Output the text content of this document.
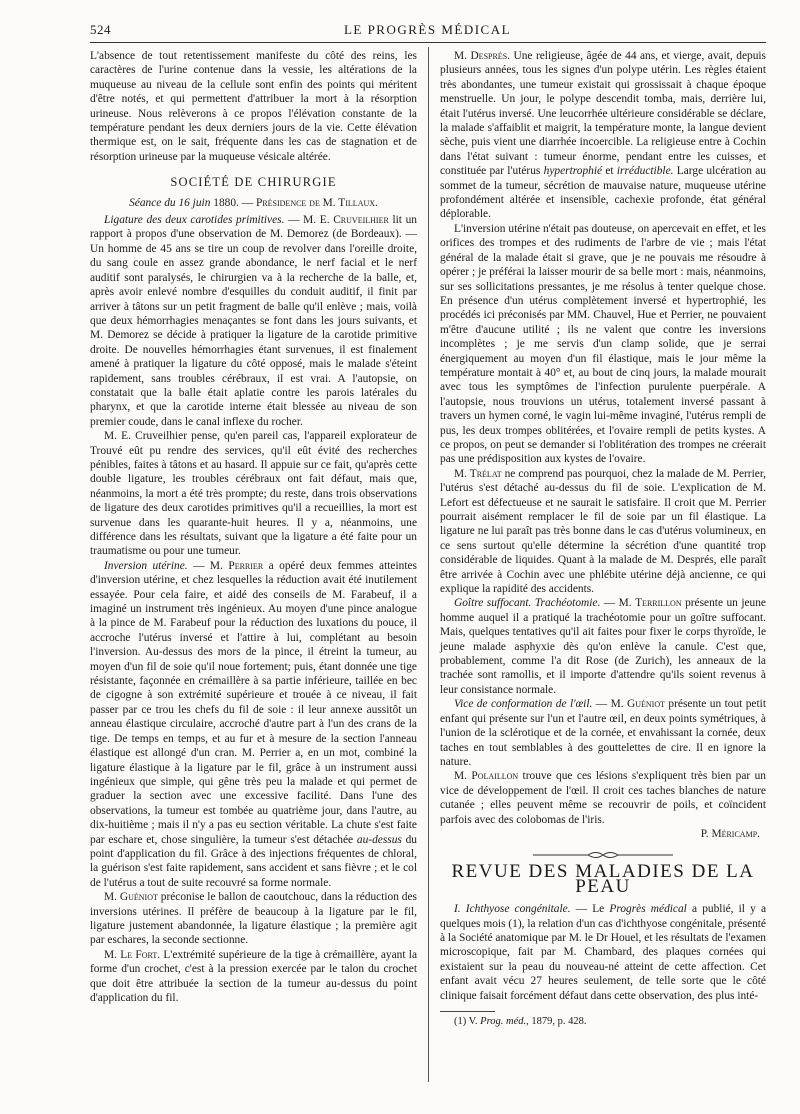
524	LE PROGRÈS MÉDICAL

L'absence de tout retentissement manifeste du côté des reins, les caractères de l'urine contenue dans la vessie, les altérations de la muqueuse au niveau de la cellule sont enfin des points qui méritent d'être notés, et qui permettent d'attribuer la mort à la résorption urineuse. Nous relèverons à ce propos l'élévation constante de la température pendant les deux derniers jours de la vie. Cette élévation thermique est, on le sait, fréquente dans les cas de stagnation et de résorption urineuse par la muqueuse vésicale altérée.

SOCIÉTÉ DE CHIRURGIE
Séance du 16 juin 1880. — Présidence de M. Tillaux.

Ligature des deux carotides primitives. — M. E. Cruveilhier lit un rapport à propos d'une observation de M. Demorez (de Bordeaux). — Un homme de 45 ans se tire un coup de revolver dans l'oreille droite, du sang coule en assez grande abondance, le nerf facial et le nerf auditif sont paralysés, le chirurgien va à la recherche de la balle, et, après avoir enlevé nombre d'esquilles du conduit auditif, il finit par arriver à tâtons sur un petit fragment de balle qu'il enlève ; mais, voilà que deux hémorrhagies menaçantes se font dans les jours suivants, et M. Demorez se décide à pratiquer la ligature de la carotide primitive droite. De nouvelles hémorrhagies étant survenues, il est finalement amené à pratiquer la ligature du côté opposé, mais le malade s'éteint rapidement, sans troubles cérébraux, il est vrai. A l'autopsie, on constatait que la balle était aplatie contre les parois latérales du pharynx, et que la carotide interne était blessée au niveau de son premier coude, dans le canal inflexe du rocher.

M. E. Cruveilhier pense, qu'en pareil cas, l'appareil explorateur de Trouvé eût pu rendre des services, qu'il eût évité des recherches pénibles, faites à tâtons et au hasard. Il appuie sur ce fait, qu'après cette double ligature, les troubles cérébraux ont fait défaut, mais que, néanmoins, la mort a été très prompte; du reste, dans trois observations de ligature des deux carotides primitives qu'il a recueillies, la mort est survenue dans les quarante-huit heures. Il y a, néanmoins, une différence dans les résultats, suivant que la ligature a été faite pour un traumatisme ou pour une tumeur.

Inversion utérine. — M. Perrier a opéré deux femmes atteintes d'inversion utérine, et chez lesquelles la réduction avait été inutilement essayée. Pour cela faire, et aidé des conseils de M. Farabeuf, il a imaginé un instrument très ingénieux. Au moyen d'une pince analogue à la pince de M. Farabeuf pour la réduction des luxations du pouce, il accroche l'utérus inversé et l'attire à lui, complétant au besoin l'inversion. Au-dessus des mors de la pince, il étreint la tumeur, au moyen d'un fil de soie qu'il noue fortement; puis, étant donnée une tige résistante, façonnée en crémaillère à sa partie inférieure, taillée en bec de cigogne à son extrémité supérieure et trouée à ce niveau, il fait passer par ce trou les chefs du fil de soie : il leur annexe aussitôt un anneau élastique circulaire, accroché d'autre part à l'un des crans de la tige. De temps en temps, et au fur et à mesure de la section l'anneau élastique est allongé d'un cran. M. Perrier a, en un mot, combiné la ligature élastique à la ligature par le fil, grâce à un instrument aussi ingénieux que simple, qui gêne très peu la malade et qui permet de graduer la section avec une excessive facilité. Dans l'une des observations, la tumeur est tombée au quatrième jour, dans l'autre, au dix-huitième ; mais il n'y a pas eu section véritable. La chute s'est faite par eschare et, chose singulière, la tumeur s'est détachée au-dessus du point d'application du fil. Grâce à des injections fréquentes de chloral, la guérison s'est faite rapidement, sans accident et sans fièvre ; et le col de l'utérus a tout de suite recouvré sa forme normale.

M. Guéniot préconise le ballon de caoutchouc, dans la réduction des inversions utérines. Il préfère de beaucoup à la ligature par le fil, ligature justement abandonnée, la ligature élastique ; la première agit par eschares, la seconde sectionne.

M. Le Fort. L'extrémité supérieure de la tige à crémaillère, ayant la forme d'un crochet, c'est à la pression exercée par le talon du crochet que doit être attribuée la section de la tumeur au-dessus du point d'application du fil.

M. Després. Une religieuse, âgée de 44 ans, et vierge, avait, depuis plusieurs années, tous les signes d'un polype utérin. Les règles étaient très abondantes, une tumeur existait qui grossissait à chaque époque menstruelle. Un jour, le polype descendit tomba, mais, derrière lui, était l'utérus inversé. Une leucorrhée ultérieure considérable se déclare, la malade s'affaiblit et maigrit, la température monte, la langue devient sèche, puis vient une diarrhée incoercible. La religieuse entre à Cochin dans l'état suivant : tumeur énorme, pendant entre les cuisses, et constituée par l'utérus hypertrophié et irréductible. Large ulcération au sommet de la tumeur, sécrétion de mauvaise nature, muqueuse utérine profondément altérée et insensible, cachexie profonde, état général déplorable.

L'inversion utérine n'était pas douteuse, on apercevait en effet, et les orifices des trompes et des rudiments de l'arbre de vie ; mais l'état général de la malade était si grave, que je ne pouvais me résoudre à opérer ; je préférai la laisser mourir de sa belle mort : mais, néanmoins, sur ses sollicitations pressantes, je me résolus à tenter quelque chose. En présence d'un utérus complètement inversé et hypertrophié, les procédés ici préconisés par MM. Chauvel, Hue et Perrier, ne pouvaient m'être d'aucune utilité ; ils ne valent que contre les inversions incomplètes ; je me servis d'un clamp solide, que je serrai énergiquement au moyen d'un fil élastique, mais le jour même la température montait à 40° et, au bout de cinq jours, la malade mourait avec tous les symptômes de l'infection purulente puerpérale. A l'autopsie, nous trouvions un utérus, totalement inversé passant à travers un hymen corné, le vagin lui-même invaginé, l'utérus rempli de pus, les deux trompes oblitérées, et l'ovaire rempli de petits kystes. A ce propos, on peut se demander si l'oblitération des trompes ne créerait pas une prédisposition aux kystes de l'ovaire.

M. Trélat ne comprend pas pourquoi, chez la malade de M. Perrier, l'utérus s'est détaché au-dessus du fil de soie. L'explication de M. Lefort est défectueuse et ne saurait le satisfaire. Il croit que M. Perrier pourrait aisément remplacer le fil de soie par un fil élastique. La ligature ne lui paraît pas très bonne dans le cas d'utérus volumineux, en ce sens surtout qu'elle détermine la sécrétion d'une quantité trop considérable de liquides. Quant à la malade de M. Després, elle paraît être arrivée à Cochin avec une phlébite utérine déjà ancienne, ce qui explique la rapidité des accidents.

Goître suffocant. Trachéotomie. — M. Terrillon présente un jeune homme auquel il a pratiqué la trachéotomie pour un goître suffocant. Mais, quelques tentatives qu'il ait faites pour fixer le corps thyroïde, le jeune malade asphyxie dès qu'on enlève la canule. C'est que, probablement, comme l'a dit Rose (de Zurich), les anneaux de la trachée sont ramollis, et il importe d'attendre qu'ils soient revenus à leur consistance normale.

Vice de conformation de l'œil. — M. Guéniot présente un tout petit enfant qui présente sur l'un et l'autre œil, en deux points symétriques, à l'union de la sclérotique et de la cornée, et envahissant la cornée, deux taches en tout semblables à des gouttelettes de cire. Il en ignore la nature.

M. Polaillon trouve que ces lésions s'expliquent très bien par un vice de développement de l'œil. Il croit ces taches blanches de nature cutanée ; elles peuvent même se recouvrir de poils, et coïncident parfois avec des colobomas de l'iris.

P. Méricamp.
REVUE DES MALADIES DE LA PEAU

I. Ichthyose congénitale. — Le Progrès médical a publié, il y a quelques mois (1), la relation d'un cas d'ichthyose congénitale, présenté à la Société anatomique par M. le Dr Houel, et les résultats de l'examen microscopique, fait par M. Chambard, des plaques cornées qui existaient sur la peau du nouveau-né atteint de cette affection. Cet enfant avait vécu 27 heures seulement, de telle sorte que le côté clinique faisait forcément défaut dans cette observation, des plus inté-

(1) V. Prog. méd., 1879, p. 428.
